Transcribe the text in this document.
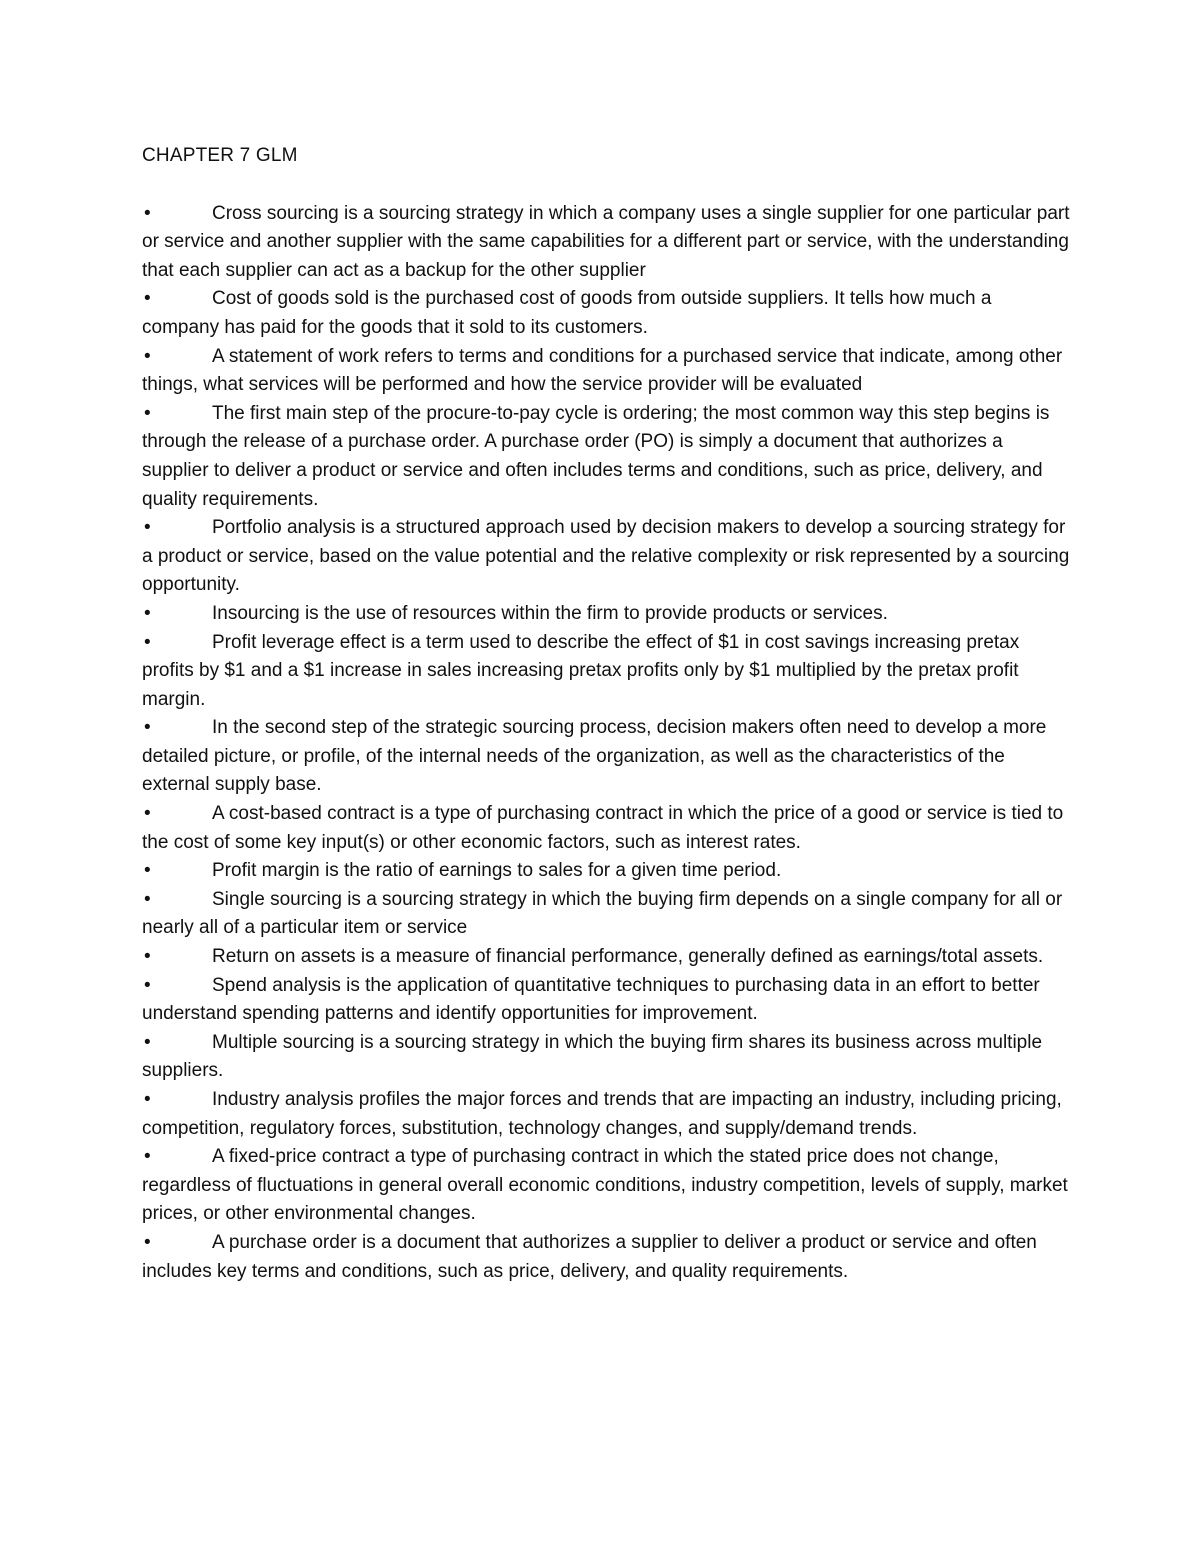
CHAPTER 7 GLM
•	Cross sourcing is a sourcing strategy in which a company uses a single supplier for one particular part or service and another supplier with the same capabilities for a different part or service, with the understanding that each supplier can act as a backup for the other supplier
•	Cost of goods sold is the purchased cost of goods from outside suppliers. It tells how much a company has paid for the goods that it sold to its customers.
•	A statement of work refers to terms and conditions for a purchased service that indicate, among other things, what services will be performed and how the service provider will be evaluated
•	The first main step of the procure-to-pay cycle is ordering; the most common way this step begins is through the release of a purchase order. A purchase order (PO) is simply a document that authorizes a supplier to deliver a product or service and often includes terms and conditions, such as price, delivery, and quality requirements.
•	Portfolio analysis is a structured approach used by decision makers to develop a sourcing strategy for a product or service, based on the value potential and the relative complexity or risk represented by a sourcing opportunity.
•	Insourcing is the use of resources within the firm to provide products or services.
•	Profit leverage effect is a term used to describe the effect of $1 in cost savings increasing pretax profits by $1 and a $1 increase in sales increasing pretax profits only by $1 multiplied by the pretax profit margin.
•	In the second step of the strategic sourcing process, decision makers often need to develop a more detailed picture, or profile, of the internal needs of the organization, as well as the characteristics of the external supply base.
•	A cost-based contract is a type of purchasing contract in which the price of a good or service is tied to the cost of some key input(s) or other economic factors, such as interest rates.
•	Profit margin is the ratio of earnings to sales for a given time period.
•	Single sourcing is a sourcing strategy in which the buying firm depends on a single company for all or nearly all of a particular item or service
•	Return on assets is a measure of financial performance, generally defined as earnings/total assets.
•	Spend analysis is the application of quantitative techniques to purchasing data in an effort to better understand spending patterns and identify opportunities for improvement.
•	Multiple sourcing is a sourcing strategy in which the buying firm shares its business across multiple suppliers.
•	Industry analysis profiles the major forces and trends that are impacting an industry, including pricing, competition, regulatory forces, substitution, technology changes, and supply/demand trends.
•	A fixed-price contract a type of purchasing contract in which the stated price does not change, regardless of fluctuations in general overall economic conditions, industry competition, levels of supply, market prices, or other environmental changes.
•	A purchase order is a document that authorizes a supplier to deliver a product or service and often includes key terms and conditions, such as price, delivery, and quality requirements.
